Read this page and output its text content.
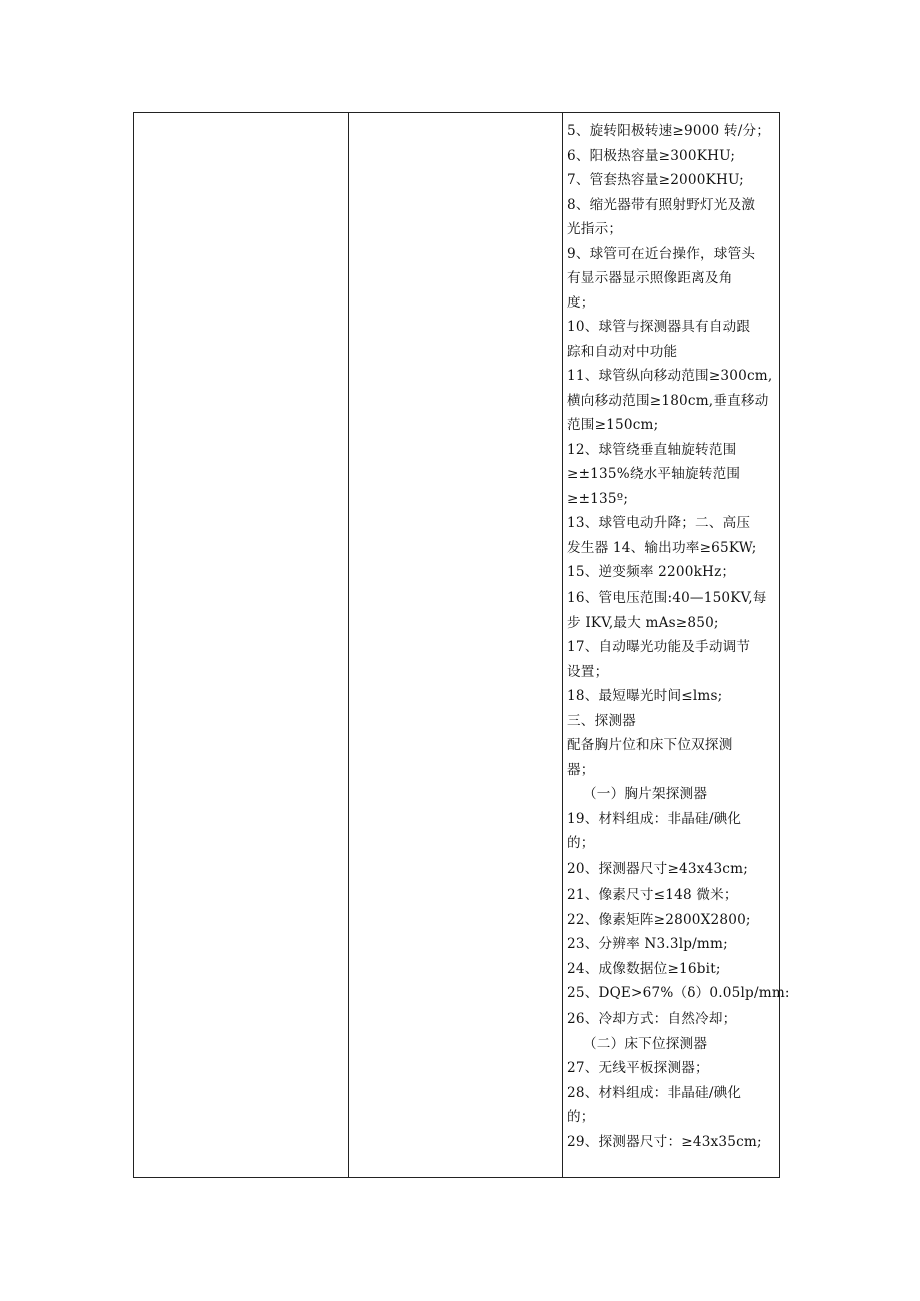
5、旋转阳极转速≥9000 转/分；
6、阳极热容量≥300KHU;
7、管套热容量≥2000KHU;
8、缩光器带有照射野灯光及激
光指示；
9、球管可在近台操作，球管头
有显示器显示照像距离及角
度；
10、球管与探测器具有自动跟
踪和自动对中功能
11、球管纵向移动范围≥300cm,
横向移动范围≥180cm,垂直移动
范围≥150cm;
12、球管绕垂直轴旋转范围
≥±135%绕水平轴旋转范围
≥±135º;
13、球管电动升降；二、高压
发生器 14、输出功率≥65KW;
15、逆变频率 2200kHz；
16、管电压范围:40—150KV,每
步 IKV,最大 mAs≥850;
17、自动曝光功能及手动调节
设置；
18、最短曝光时间≤lms;
三、探测器
配备胸片位和床下位双探测
器；
（一）胸片架探测器
19、材料组成：非晶硅/碘化
的；
20、探测器尺寸≥43x43cm;
21、像素尺寸≤148 微米；
22、像素矩阵≥2800X2800;
23、分辨率 N3.3lp/mm;
24、成像数据位≥16bit;
25、DQE>67%（δ）0.05lp/mm:
26、冷却方式：自然冷却；
（二）床下位探测器
27、无线平板探测器；
28、材料组成：非晶硅/碘化
的；
29、探测器尺寸：≥43x35cm;
